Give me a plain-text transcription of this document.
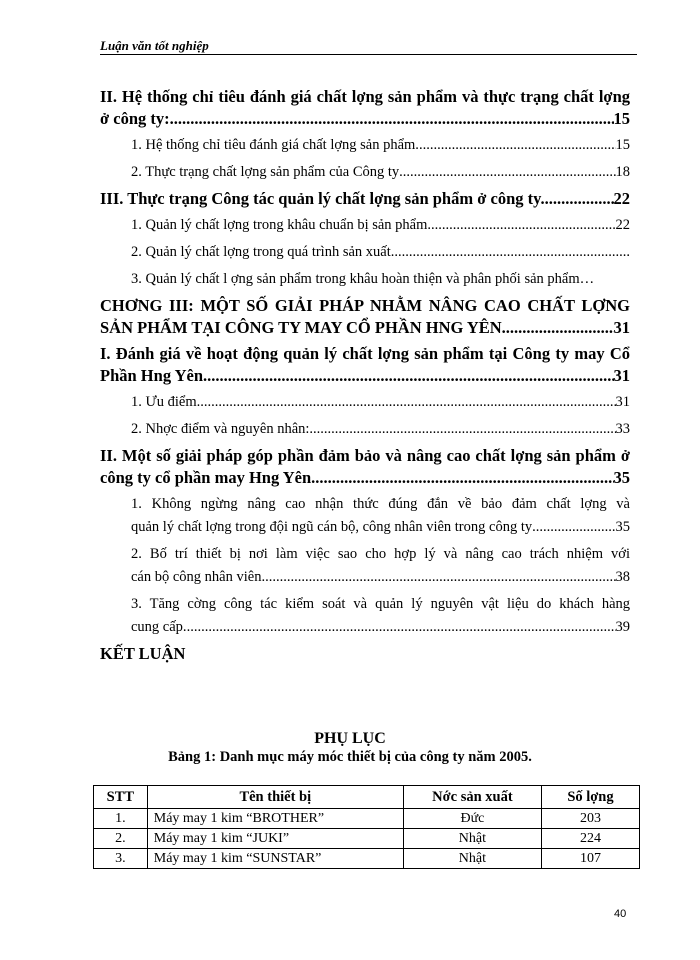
Luận văn tốt nghiệp
II. Hệ thống chỉ tiêu đánh giá chất lợng sản phẩm và thực trạng chất lợng
ở công ty: .....	15
1. Hệ thống chỉ tiêu đánh giá chất lợng sản phẩm. .....	15
2. Thực trạng chất lợng sản phẩm của Công ty .....	18
III. Thực trạng Công tác quản lý chất lợng sản phẩm ở công ty. .....	22
1. Quản lý chất lợng trong khâu chuẩn bị sản phẩm .....	22
2. Quản lý chất lợng trong quá trình sản xuất
.....
3. Quản lý chất l ợng sản phẩm trong khâu hoàn thiện và phân phối sản phẩm…
CHƠNG III: MỘT SỐ GIẢI PHÁP NHẰM NÂNG CAO CHẤT LỢNG
SẢN PHẨM TẠI CÔNG TY MAY CỔ PHẦN HNG YÊN .....	31
I. Đánh giá về hoạt động quản lý chất lợng sản phẩm tại Công ty may Cổ
Phần Hng Yên .....	31
1. Ưu điểm .....	31
2. Nhợc điểm và nguyên nhân: .....	33
II. Một số giải pháp góp phần đảm bảo và nâng cao chất lợng sản phẩm ở
công ty cổ phần may Hng Yên .....	35
1. Không ngừng nâng cao nhận thức đúng đắn về bảo đảm chất lợng và
quản lý chất lợng trong đội ngũ cán bộ, công nhân viên trong công ty .....	35
2. Bố trí thiết bị nơi làm việc sao cho hợp lý và nâng cao trách nhiệm với
cán bộ công nhân viên. .....	38
3. Tăng cờng công tác kiểm soát và quản lý nguyên vật liệu do khách hàng
cung cấp. .....	39
KẾT LUẬN
PHỤ LỤC
Bảng 1: Danh mục máy móc thiết bị của công ty năm 2005.
STT	Tên thiết bị	Nớc sản xuất	Số lợng
1.	Máy may 1 kim “BROTHER”	Đức	203
2.	Máy may 1 kim “JUKI”	Nhật	224
3.	Máy may 1 kim “SUNSTAR”	Nhật	107
40
